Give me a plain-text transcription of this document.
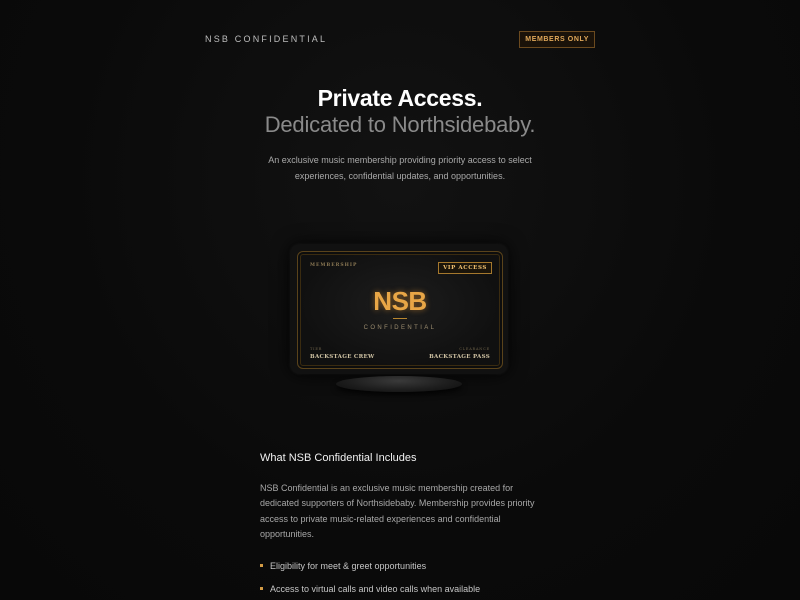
NSB CONFIDENTIAL	MEMBERS ONLY
Private Access.
Dedicated to Northsidebaby.
An exclusive music membership providing priority access to select experiences, confidential updates, and opportunities.
MEMBERSHIP	VIP ACCESS
NSB
CONFIDENTIAL
TIER
BACKSTAGE CREW
CLEARANCE
BACKSTAGE PASS
What NSB Confidential Includes
NSB Confidential is an exclusive music membership created for dedicated supporters of Northsidebaby. Membership provides priority access to private music-related experiences and confidential opportunities.
Eligibility for meet & greet opportunities
Access to virtual calls and video calls when available
